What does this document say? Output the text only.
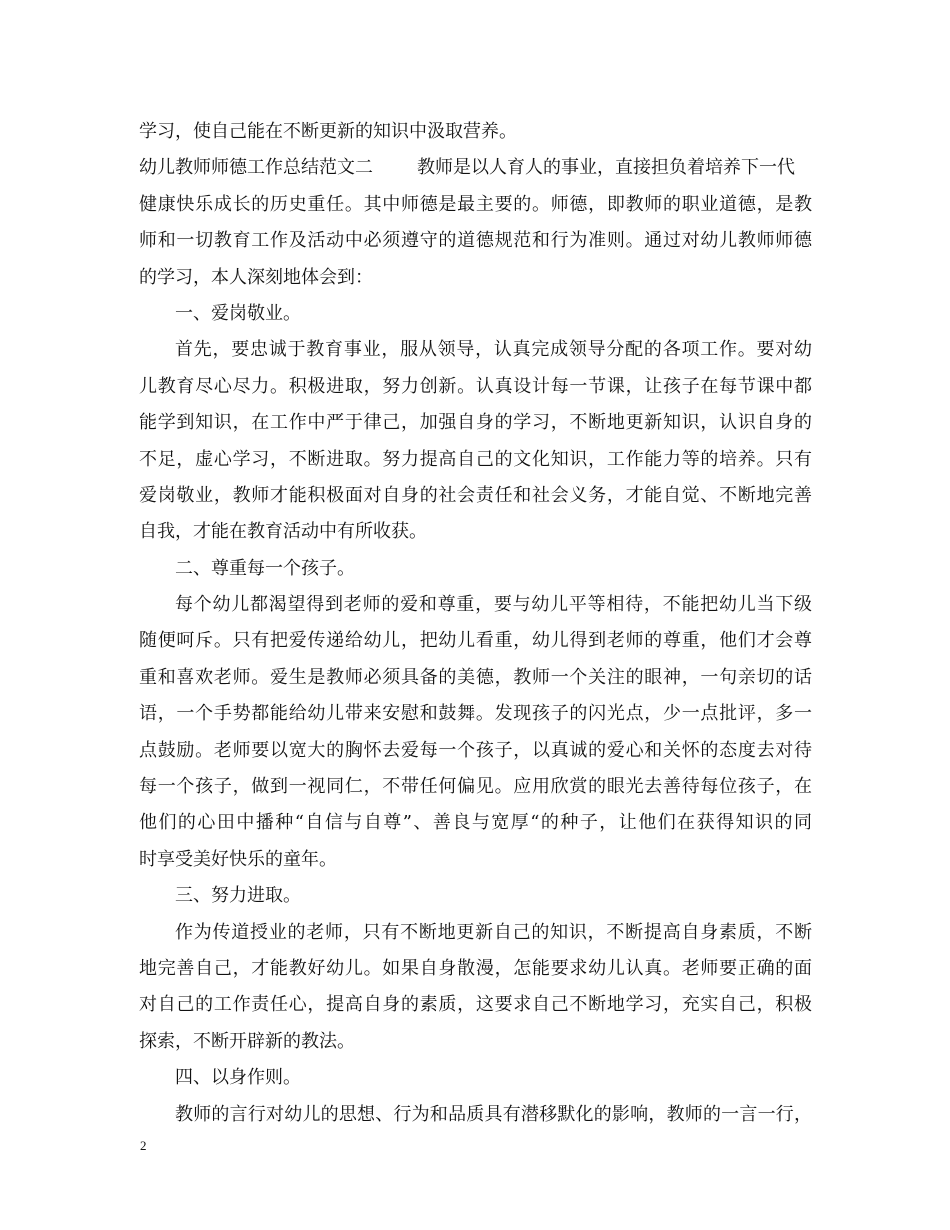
学习，使自己能在不断更新的知识中汲取营养。
幼儿教师师德工作总结范文二 教师是以人育人的事业，直接担负着培养下一代
健康快乐成长的历史重任。其中师德是最主要的。师德，即教师的职业道德，是教
师和一切教育工作及活动中必须遵守的道德规范和行为准则。通过对幼儿教师师德
的学习，本人深刻地体会到：
一、爱岗敬业。
首先，要忠诚于教育事业，服从领导，认真完成领导分配的各项工作。要对幼
儿教育尽心尽力。积极进取，努力创新。认真设计每一节课，让孩子在每节课中都
能学到知识，在工作中严于律己，加强自身的学习，不断地更新知识，认识自身的
不足，虚心学习，不断进取。努力提高自己的文化知识，工作能力等的培养。只有
爱岗敬业，教师才能积极面对自身的社会责任和社会义务，才能自觉、不断地完善
自我，才能在教育活动中有所收获。
二、尊重每一个孩子。
每个幼儿都渴望得到老师的爱和尊重，要与幼儿平等相待，不能把幼儿当下级
随便呵斥。只有把爱传递给幼儿，把幼儿看重，幼儿得到老师的尊重，他们才会尊
重和喜欢老师。爱生是教师必须具备的美德，教师一个关注的眼神，一句亲切的话
语，一个手势都能给幼儿带来安慰和鼓舞。发现孩子的闪光点，少一点批评，多一
点鼓励。老师要以宽大的胸怀去爱每一个孩子，以真诚的爱心和关怀的态度去对待
每一个孩子，做到一视同仁，不带任何偏见。应用欣赏的眼光去善待每位孩子，在
他们的心田中播种“自信与自尊”、善良与宽厚“的种子，让他们在获得知识的同
时享受美好快乐的童年。
三、努力进取。
作为传道授业的老师，只有不断地更新自己的知识，不断提高自身素质，不断
地完善自己，才能教好幼儿。如果自身散漫，怎能要求幼儿认真。老师要正确的面
对自己的工作责任心，提高自身的素质，这要求自己不断地学习，充实自己，积极
探索，不断开辟新的教法。
四、以身作则。
教师的言行对幼儿的思想、行为和品质具有潜移默化的影响，教师的一言一行，
2
